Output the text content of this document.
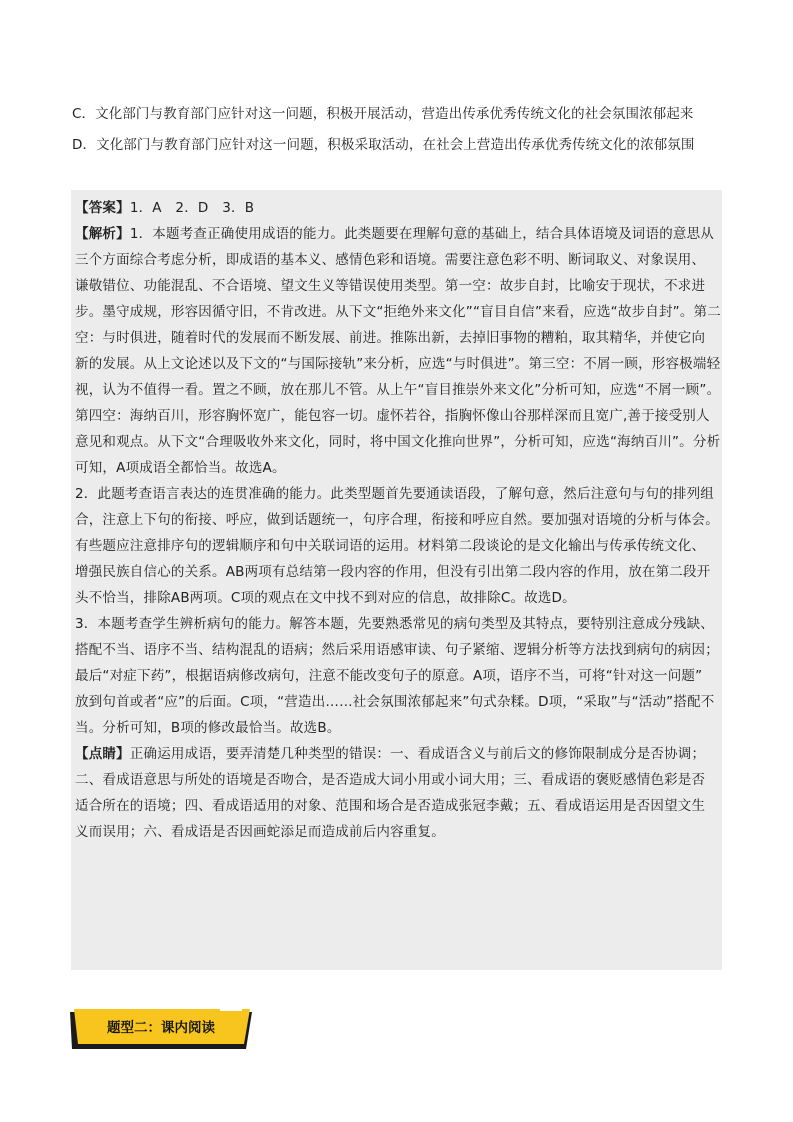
C．文化部门与教育部门应针对这一问题，积极开展活动，营造出传承优秀传统文化的社会氛围浓郁起来
D．文化部门与教育部门应针对这一问题，积极采取活动，在社会上营造出传承优秀传统文化的浓郁氛围
【答案】1．A　2．D　3．B
【解析】1．本题考查正确使用成语的能力。此类题要在理解句意的基础上，结合具体语境及词语的意思从
三个方面综合考虑分析，即成语的基本义、感情色彩和语境。需要注意色彩不明、断词取义、对象误用、
谦敬错位、功能混乱、不合语境、望文生义等错误使用类型。第一空：故步自封，比喻安于现状，不求进
步。墨守成规，形容因循守旧，不肯改进。从下文“拒绝外来文化”“盲目自信”来看，应选“故步自封”。第二
空：与时俱进，随着时代的发展而不断发展、前进。推陈出新，去掉旧事物的糟粕，取其精华，并使它向
新的发展。从上文论述以及下文的“与国际接轨”来分析，应选“与时俱进”。第三空：不屑一顾，形容极端轻
视，认为不值得一看。置之不顾，放在那儿不管。从上午“盲目推崇外来文化”分析可知，应选“不屑一顾”。
第四空：海纳百川，形容胸怀宽广，能包容一切。虚怀若谷，指胸怀像山谷那样深而且宽广,善于接受别人
意见和观点。从下文“合理吸收外来文化，同时，将中国文化推向世界”，分析可知，应选“海纳百川”。分析
可知，A项成语全都恰当。故选A。
2．此题考查语言表达的连贯准确的能力。此类型题首先要通读语段，了解句意，然后注意句与句的排列组
合，注意上下句的衔接、呼应，做到话题统一，句序合理，衔接和呼应自然。要加强对语境的分析与体会。
有些题应注意排序句的逻辑顺序和句中关联词语的运用。材料第二段谈论的是文化输出与传承传统文化、
增强民族自信心的关系。AB两项有总结第一段内容的作用，但没有引出第二段内容的作用，放在第二段开
头不恰当，排除AB两项。C项的观点在文中找不到对应的信息，故排除C。故选D。
3．本题考查学生辨析病句的能力。解答本题，先要熟悉常见的病句类型及其特点，要特别注意成分残缺、
搭配不当、语序不当、结构混乱的语病；然后采用语感审读、句子紧缩、逻辑分析等方法找到病句的病因；
最后“对症下药”，根据语病修改病句，注意不能改变句子的原意。A项，语序不当，可将“针对这一问题”
放到句首或者“应”的后面。C项，“营造出……社会氛围浓郁起来”句式杂糅。D项，“采取”与“活动”搭配不
当。分析可知，B项的修改最恰当。故选B。
【点睛】正确运用成语，要弄清楚几种类型的错误：一、看成语含义与前后文的修饰限制成分是否协调；
二、看成语意思与所处的语境是否吻合，是否造成大词小用或小词大用；三、看成语的褒贬感情色彩是否
适合所在的语境；四、看成语适用的对象、范围和场合是否造成张冠李戴；五、看成语运用是否因望文生
义而误用；六、看成语是否因画蛇添足而造成前后内容重复。
题型二：课内阅读
